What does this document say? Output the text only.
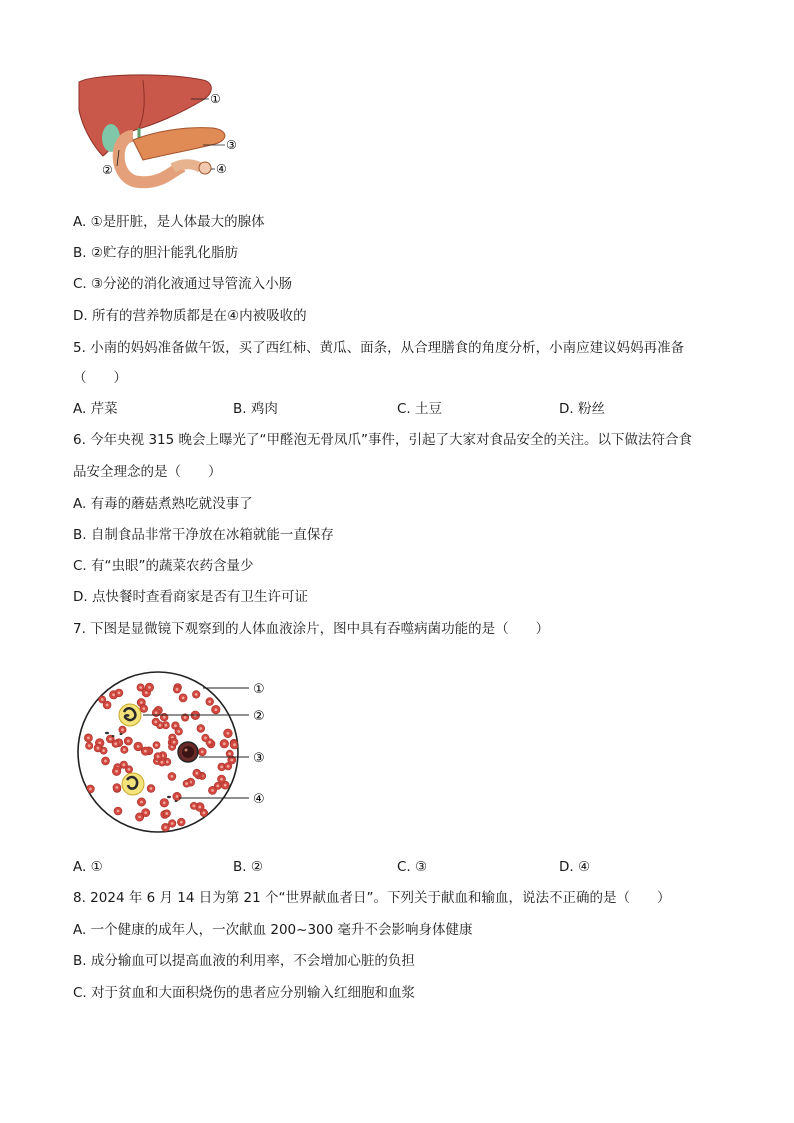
①
②
③
④
A. ①是肝脏，是人体最大的腺体
B. ②贮存的胆汁能乳化脂肪
C. ③分泌的消化液通过导管流入小肠
D. 所有的营养物质都是在④内被吸收的
5. 小南的妈妈准备做午饭，买了西红柿、黄瓜、面条，从合理膳食的角度分析，小南应建议妈妈再准备
（　　）
A. 芹菜	B. 鸡肉	C. 土豆	D. 粉丝
6. 今年央视 315 晚会上曝光了“甲醛泡无骨凤爪”事件，引起了大家对食品安全的关注。以下做法符合食
品安全理念的是（　　）
A. 有毒的蘑菇煮熟吃就没事了
B. 自制食品非常干净放在冰箱就能一直保存
C. 有“虫眼”的蔬菜农药含量少
D. 点快餐时查看商家是否有卫生许可证
7. 下图是显微镜下观察到的人体血液涂片，图中具有吞噬病菌功能的是（　　）
①
②
③
④
A. ①	B. ②	C. ③	D. ④
8. 2024 年 6 月 14 日为第 21 个“世界献血者日”。下列关于献血和输血，说法不正确的是（　　）
A. 一个健康的成年人，一次献血 200~300 毫升不会影响身体健康
B. 成分输血可以提高血液的利用率，不会增加心脏的负担
C. 对于贫血和大面积烧伤的患者应分别输入红细胞和血浆
